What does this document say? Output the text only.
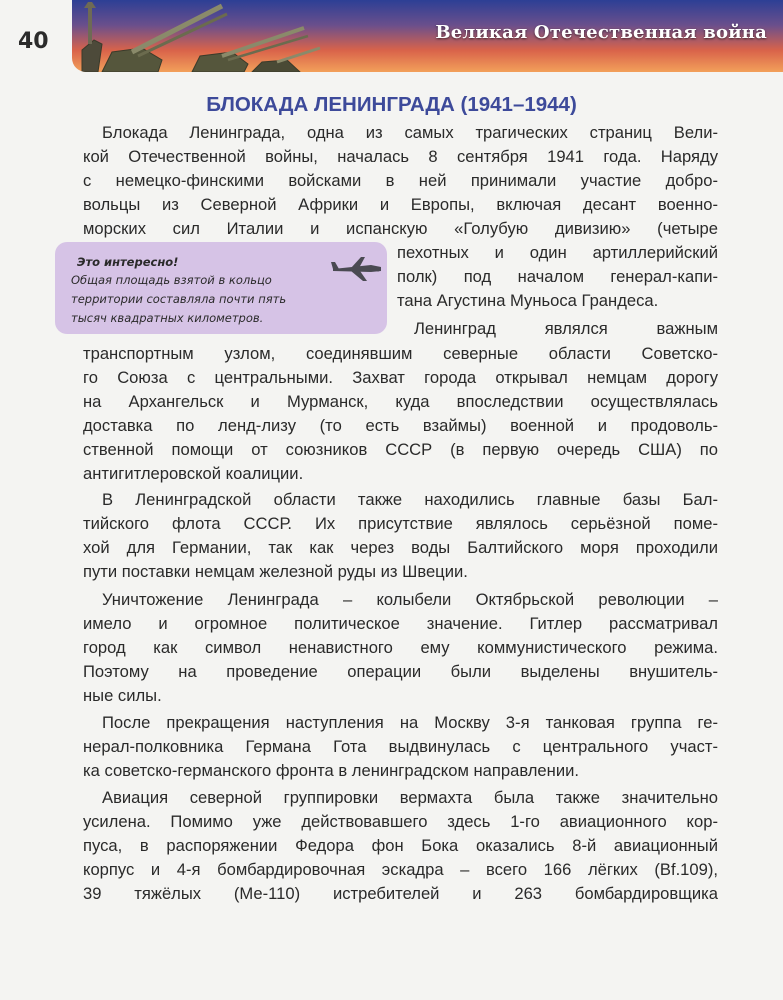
40	Великая Отечественная война
БЛОКАДА ЛЕНИНГРАДА (1941–1944)
Блокада Ленинграда, одна из самых трагических страниц Вели-
кой Отечественной войны, началась 8 сентября 1941 года. Наряду
с немецко-финскими войсками в ней принимали участие добро-
вольцы из Северной Африки и Европы, включая десант военно-
морских сил Италии и испанскую «Голубую дивизию» (четыре
пехотных и один артиллерийский
полк) под началом генерал-капи-
тана Агустина Муньоса Грандеса.
Ленинград являлся важным
транспортным узлом, соединявшим северные области Советско-
го Союза с центральными. Захват города открывал немцам дорогу
на Архангельск и Мурманск, куда впоследствии осуществлялась
доставка по ленд-лизу (то есть взаймы) военной и продоволь-
ственной помощи от союзников СССР (в первую очередь США) по
антигитлеровской коалиции.
В Ленинградской области также находились главные базы Бал-
тийского флота СССР. Их присутствие являлось серьёзной поме-
хой для Германии, так как через воды Балтийского моря проходили
пути поставки немцам железной руды из Швеции.
Уничтожение Ленинграда – колыбели Октябрьской революции –
имело и огромное политическое значение. Гитлер рассматривал
город как символ ненавистного ему коммунистического режима.
Поэтому на проведение операции были выделены внушитель-
ные силы.
После прекращения наступления на Москву 3-я танковая группа ге-
нерал-полковника Германа Гота выдвинулась с центрального участ-
ка советско-германского фронта в ленинградском направлении.
Авиация северной группировки вермахта была также значительно
усилена. Помимо уже действовавшего здесь 1-го авиационного кор-
пуса, в распоряжении Федора фон Бока оказались 8-й авиационный
корпус и 4-я бомбардировочная эскадра – всего 166 лёгких (Bf.109),
39 тяжёлых (Ме-110) истребителей и 263 бомбардировщика
Это интересно!
Общая площадь взятой в кольцо
территории составляла почти пять
тысяч квадратных километров.
